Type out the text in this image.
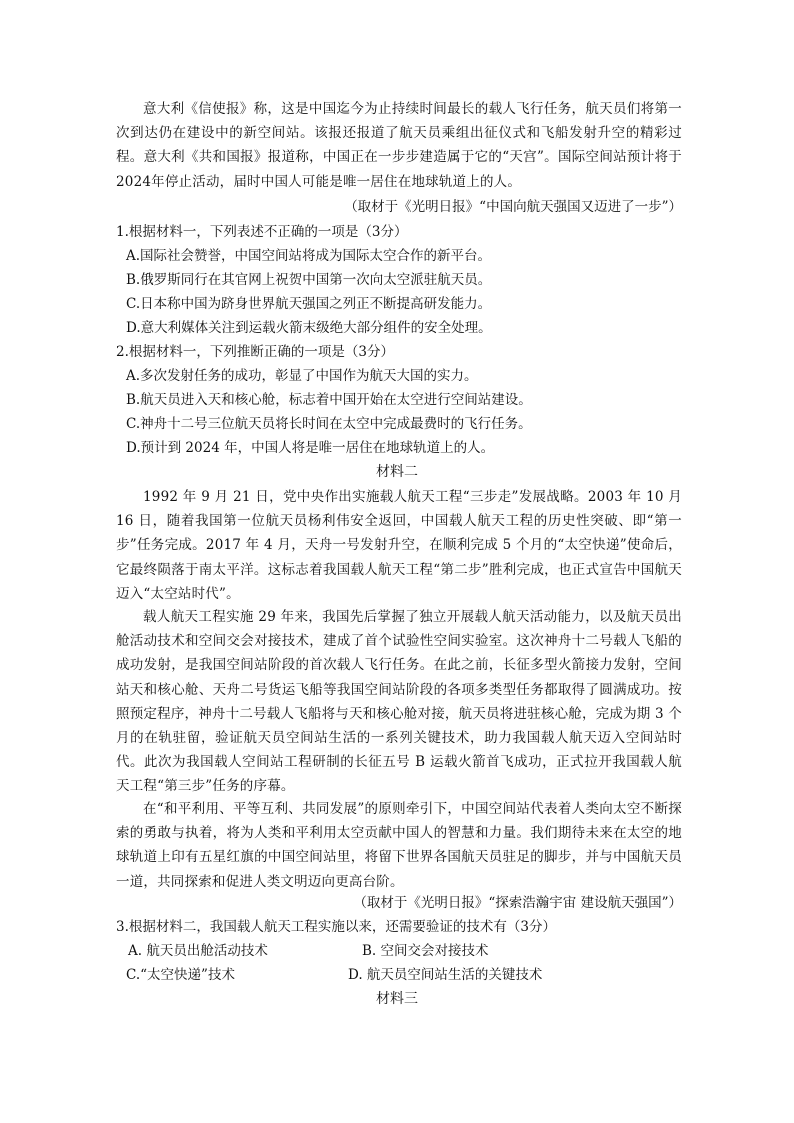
意大利《信使报》称，这是中国迄今为止持续时间最长的载人飞行任务，航天员们将第一次到达仍在建设中的新空间站。该报还报道了航天员乘组出征仪式和飞船发射升空的精彩过程。意大利《共和国报》报道称，中国正在一步步建造属于它的“天宫”。国际空间站预计将于2024年停止活动，届时中国人可能是唯一居住在地球轨道上的人。
（取材于《光明日报》“中国向航天强国又迈进了一步”）
1.根据材料一，下列表述不正确的一项是（3分）
A.国际社会赞誉，中国空间站将成为国际太空合作的新平台。
B.俄罗斯同行在其官网上祝贺中国第一次向太空派驻航天员。
C.日本称中国为跻身世界航天强国之列正不断提高研发能力。
D.意大利媒体关注到运载火箭末级绝大部分组件的安全处理。
2.根据材料一，下列推断正确的一项是（3分）
A.多次发射任务的成功，彰显了中国作为航天大国的实力。
B.航天员进入天和核心舱，标志着中国开始在太空进行空间站建设。
C.神舟十二号三位航天员将长时间在太空中完成最费时的飞行任务。
D.预计到 2024 年，中国人将是唯一居住在地球轨道上的人。
材料二
1992 年 9 月 21 日，党中央作出实施载人航天工程“三步走”发展战略。2003 年 10 月 16 日，随着我国第一位航天员杨利伟安全返回，中国载人航天工程的历史性突破、即“第一步”任务完成。2017 年 4 月，天舟一号发射升空，在顺利完成 5 个月的“太空快递”使命后，它最终陨落于南太平洋。这标志着我国载人航天工程“第二步”胜利完成，也正式宣告中国航天迈入“太空站时代”。
载人航天工程实施 29 年来，我国先后掌握了独立开展载人航天活动能力，以及航天员出舱活动技术和空间交会对接技术，建成了首个试验性空间实验室。这次神舟十二号载人飞船的成功发射，是我国空间站阶段的首次载人飞行任务。在此之前，长征多型火箭接力发射，空间站天和核心舱、天舟二号货运飞船等我国空间站阶段的各项多类型任务都取得了圆满成功。按照预定程序，神舟十二号载人飞船将与天和核心舱对接，航天员将进驻核心舱，完成为期 3 个月的在轨驻留，验证航天员空间站生活的一系列关键技术，助力我国载人航天迈入空间站时代。此次为我国载人空间站工程研制的长征五号 B 运载火箭首飞成功，正式拉开我国载人航天工程“第三步”任务的序幕。
在“和平利用、平等互利、共同发展”的原则牵引下，中国空间站代表着人类向太空不断探索的勇敢与执着，将为人类和平利用太空贡献中国人的智慧和力量。我们期待未来在太空的地球轨道上印有五星红旗的中国空间站里，将留下世界各国航天员驻足的脚步，并与中国航天员一道，共同探索和促进人类文明迈向更高台阶。
（取材于《光明日报》“探索浩瀚宇宙 建设航天强国”）
3.根据材料二，我国载人航天工程实施以来，还需要验证的技术有（3分）
A. 航天员出舱活动技术	B. 空间交会对接技术
C.“太空快递”技术	D. 航天员空间站生活的关键技术
材料三
